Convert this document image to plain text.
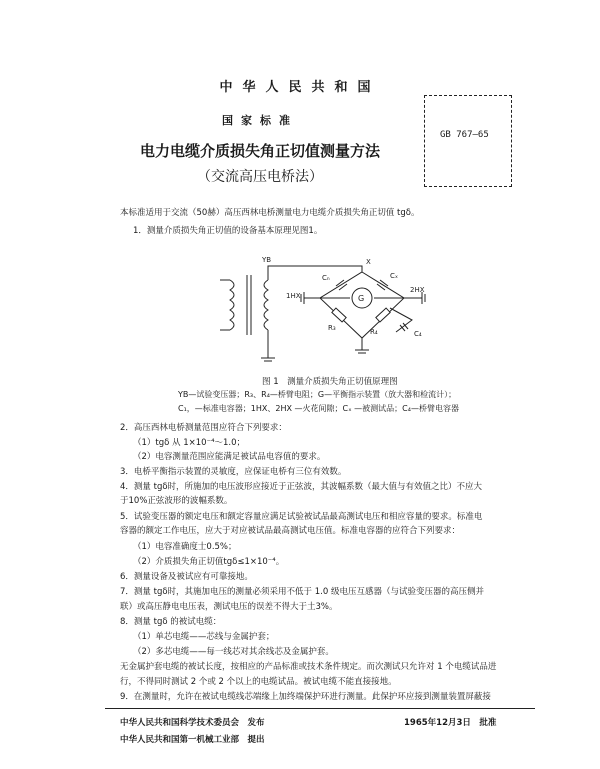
中华人民共和国
国家标准
电力电缆介质损失角正切值测量方法
（交流高压电桥法）
GB 767—65
本标准适用于交流（50赫）高压西林电桥测量电力电缆介质损失角正切值 tgδ。
1．测量介质损失角正切值的设备基本原理见图1。
YB
1HX
2HX
Cₙ	Cₓ
X
G
R₃	R₄	C₄
图 1　测量介质损失角正切值原理图
YB—试验变压器；R₃、R₄—桥臂电阻；G—平衡指示装置（放大器和检流计）；
C₁，—标准电容器；1HX、2HX —火花间隙；Cₓ —被测试品；C₄—桥臂电容器
2．高压西林电桥测量范围应符合下列要求：
（1）tgδ 从 1×10⁻⁴～1.0；
（2）电容测量范围应能满足被试品电容值的要求。
3．电桥平衡指示装置的灵敏度，应保证电桥有三位有效数。
4．测量 tgδ时，所施加的电压波形应接近于正弦波，其波幅系数（最大值与有效值之比）不应大
于10%正弦波形的波幅系数。
5．试验变压器的额定电压和额定容量应满足试验被试品最高测试电压和相应容量的要求。标准电
容器的额定工作电压，应大于对应被试品最高测试电压值。标准电容器的应符合下列要求：
（1）电容准确度士0.5%；
（2）介质损失角正切值tgδ≤1×10⁻⁴。
6．测量设备及被试应有可靠接地。
7．测量 tgδ时，其施加电压的测量必须采用不低于 1.0 级电压互感器（与试验变压器的高压侧并
联）或高压静电电压表，测试电压的误差不得大于土3%。
8．测量 tgδ 的被试电缆：
（1）单芯电缆——芯线与金属护套；
（2）多芯电缆——每一线芯对其余线芯及金属护套。
无金属护套电缆的被试长度，按相应的产品标准或技术条件规定。而次测试只允许对 1 个电缆试品进
行，不得同时测试 2 个或 2 个以上的电缆试品。被试电缆不能直接接地。
9．在测量时，允许在被试电缆线芯端缘上加终端保护环进行测量。此保护环应接到测量装置屏蔽接
中华人民共和国科学技术委员会　发布	1965年12月3日　批准
中华人民共和国第一机械工业部　提出
